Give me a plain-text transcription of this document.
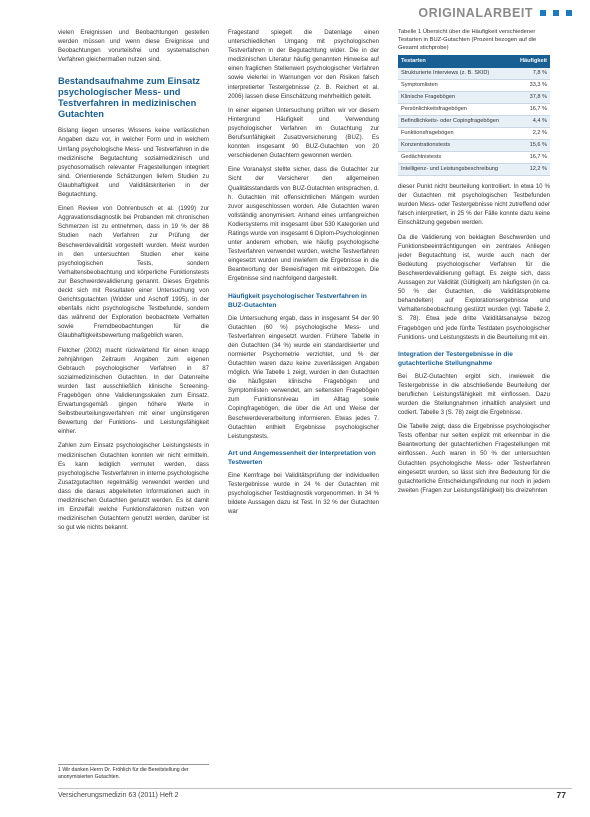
ORIGINALARBEIT

vielen Ereignissen und Beobachtungen gestellen werden müssen und wenn diese Ereignisse und Beobachtungen vorurteilsfrei und systematischen Verfahren gleichermaßen nutzen sind.

Bestandsaufnahme zum Einsatz psychologischer Mess- und Testverfahren in medizinischen Gutachten

Bislang liegen unseres Wissens keine verlässlichen Angaben dazu vor, in welcher Form und in welchem Umfang psychologische Mess- und Testverfahren in die medizinische Begutachtung sozialmedizinisch und psychosomatisch relevanter Fragestellungen integriert sind. Orientierende Schätzungen liefern Studien zu Glaubhaftigkeit und Validitätskriterien in der Begutachtung.

Einen Review von Dohrenbusch et al. (1999) zur Aggravationsdiagnostik bei Probanden mit chronischen Schmerzen ist zu entnehmen, dass in 19 % der 86 Studien nach Verfahren zur Prüfung der Beschwerdevalidität vorgestellt wurden. Meist wurden in den untersuchten Studien eher keine psychologischen Tests, sondern Verhaltensbeobachtung und körperliche Funktionstests zur Beschwerdevalidierung genannt. Dieses Ergebnis deckt sich mit Resultaten einer Untersuchung von Gerichtsgutachten (Widder und Aschoff 1995), in der ebenfalls nicht psychologische Testbefunde, sondern das während der Exploration beobachtete Verhalten sowie Fremdbeobachtungen für die Glaubhaftigkeitsbewertung maßgeblich waren.

Fletcher (2002) macht rückwärtend für einen knapp zehnjährigen Zeitraum Angaben zum eigenen Gebrauch psychologischer Verfahren in 87 sozialmedizinischen Gutachten. In der Datenreihe wurden fast ausschließlich klinische Screening-Fragebögen ohne Validierungsskalen zum Einsatz. Erwartungsgemäß gingen höhere Werte in Selbstbeurteilungsverfahren mit einer ungünstigeren Bewertung der Funktions- und Leistungsfähigkeit einher.

Zahlen zum Einsatz psychologischer Leistungstests in medizinischen Gutachten konnten wir nicht ermitteln. Es kann lediglich vermutet werden, dass psychologische Testverfahren in interne psychologische Zusatzgutachten regelmäßig verwendet werden und dass die daraus abgeleiteten Informationen auch in medizinischen Gutachten genutzt werden. Es ist damit im Einzelfall welche Funktionsfaktoren nutzen von medizinischen Gutachtern genutzt werden, darüber ist so gut wie nichts bekannt.

1 Wir danken Herrn Dr. Fröhlich für die Bereitstellung der anonymisierten Gutachten.

Fragestand spiegelt die Datenlage einen unterschiedlichen Umgang mit psychologischen Testverfahren in der Begutachtung wider. Die in der medizinischen Literatur häufig genannten Hinweise auf einen fraglichen Stellenwert psychologischer Verfahren sowie vielerlei in Warnungen vor den Risiken falsch interpretierter Testergebnisse (z. B. Reichert et al. 2006) lassen diese Einschätzung mehrheitlich geteilt.

In einer eigenen Untersuchung prüften wir vor diesem Hintergrund Häufigkeit und Verwendung psychologischer Verfahren im Gutachtung zur Berufsunfähigkeit Zusatzversicherung (BUZ). Es konnten insgesamt 90 BUZ-Gutachten von 20 verschiedenen Gutachtern gewonnen werden.

Eine Voranalyst stellte sicher, dass die Gutachter zur Sicht der Versicherer den allgemeinen Qualitätsstandards von BUZ-Gutachten entsprachen, d. h. Gutachten mit offensichtlichen Mängeln wurden zuvor ausgeschlossen worden. Alle Gutachten waren vollständig anonymisiert. Anhand eines umfangreichen Kodiersystems mit insgesamt über 530 Kategorien und Ratings wurde von insgesamt 6 Diplom-Psychologinnen unter anderem erhoben, wie häufig psychologische Testverfahren verwendet wurden, welche Testverfahren eingesetzt wurden und inwiefern die Ergebnisse in die Beantwortung der Beweisfragen mit einbezogen. Die Ergebnisse sind nachfolgend dargestellt.

Häufigkeit psychologischer Testverfahren in BUZ-Gutachten

Die Untersuchung ergab, dass in insgesamt 54 der 90 Gutachten (60 %) psychologische Mess- und Testverfahren eingesetzt wurden. Frühere Tabelle in den Gutachten (34 %) wurde ein standardisierter und normierter Psychometrie verzichtet, und % der Gutachten waren dazu keine zuverlässigen Angaben möglich. Wie Tabelle 1 zeigt, wurden in den Gutachten die häufigsten klinische Fragebögen und Symptomlisten verwendet, am seltensten Fragebögen zum Funktionsniveau im Alltag sowie Copingfragebögen, die über die Art und Weise der Beschwerdeverarbeitung informieren. Etwas jedes 7. Gutachten enthielt Ergebnisse psychologischer Leistungstests.

Art und Angemessenheit der Interpretation von Testwerten

Eine Kernfrage bei Validitätsprüfung der individuellen Testergebnisse wurde in 24 % der Gutachten mit psychologischer Testdiagnostik vorgenommen. In 34 % bildete Aussagen dazu ist Test. In 32 % der Gutachten war

Tabelle 1 Übersicht über die Häufigkeit verschiedener Testarten in BUZ-Gutachten (Prozent bezogen auf die Gesamt stichprobe)
Testarten	Häufigkeit
Strukturierte Interviews (z. B. SKID)	7,8 %
Symptomlisten	33,3 %
Klinische Fragebögen	37,8 %
Persönlichkeitsfragebögen	16,7 %
Befindlichkeits- oder Copingfragebögen	4,4 %
Funktionsfragebögen	2,2 %
Konzentrationstests	15,6 %
Gedächtnistests	16,7 %
Intelligenz- und Leistungsbeschreibung	12,2 %

dieser Punkt nicht beurteilung kontrolliert. In etwa 10 % der Gutachten mit psychologischen Testbefunden wurden Mess- oder Testergebnisse nicht zutreffend oder falsch interpretiert, in 25 % der Fälle konnte dazu keine Einschätzung gegeben werden.

Da die Validierung von beklagten Beschwerden und Funktionsbeeinträchtigungen ein zentrales Anliegen jeder Begutachtung ist, wurde auch nach der Bedeutung psychologischer Verfahren für die Beschwerdevalidierung gefragt. Es zeigte sich, dass Aussagen zur Validität (Gültigkeit) am häufigsten (in ca. 50 % der Gutachten, die Validitätsprobleme behandelten) auf Explorationsergebnisse und Verhaltensbeobachtung gestützt wurden (vgl. Tabelle 2, S. 78). Etwa jede dritte Validitätsanalyse bezog Fragebögen und jede fünfte Testdaten psychologischer Funktions- und Leistungstests in die Beurteilung mit ein.

Integration der Testergebnisse in die gutachterliche Stellungnahme

Bei BUZ-Gutachten ergibt sich, inwieweit die Testergebnisse in die abschließende Beurteilung der beruflichen Leistungsfähigkeit mit einflossen. Dazu wurden die Stellungnahmen inhaltlich analysiert und codiert. Tabelle 3 (S. 78) zeigt die Ergebnisse.

Die Tabelle zeigt, dass die Ergebnisse psychologischer Tests offenbar nur selten explizit mit erkennbar in die Beantwortung der gutachterlichen Fragestellungen mit einflossen. Auch waren in 50 % der untersuchten Gutachten psychologische Mess- oder Testverfahren eingesetzt wurden, so lässt sich ihre Bedeutung für die gutachterliche Entscheidungsfindung nur noch in jedem zweiten (Fragen zur Leistungsfähigkeit) bis dreizehnten

Versicherungsmedizin 63 (2011) Heft 2	77
